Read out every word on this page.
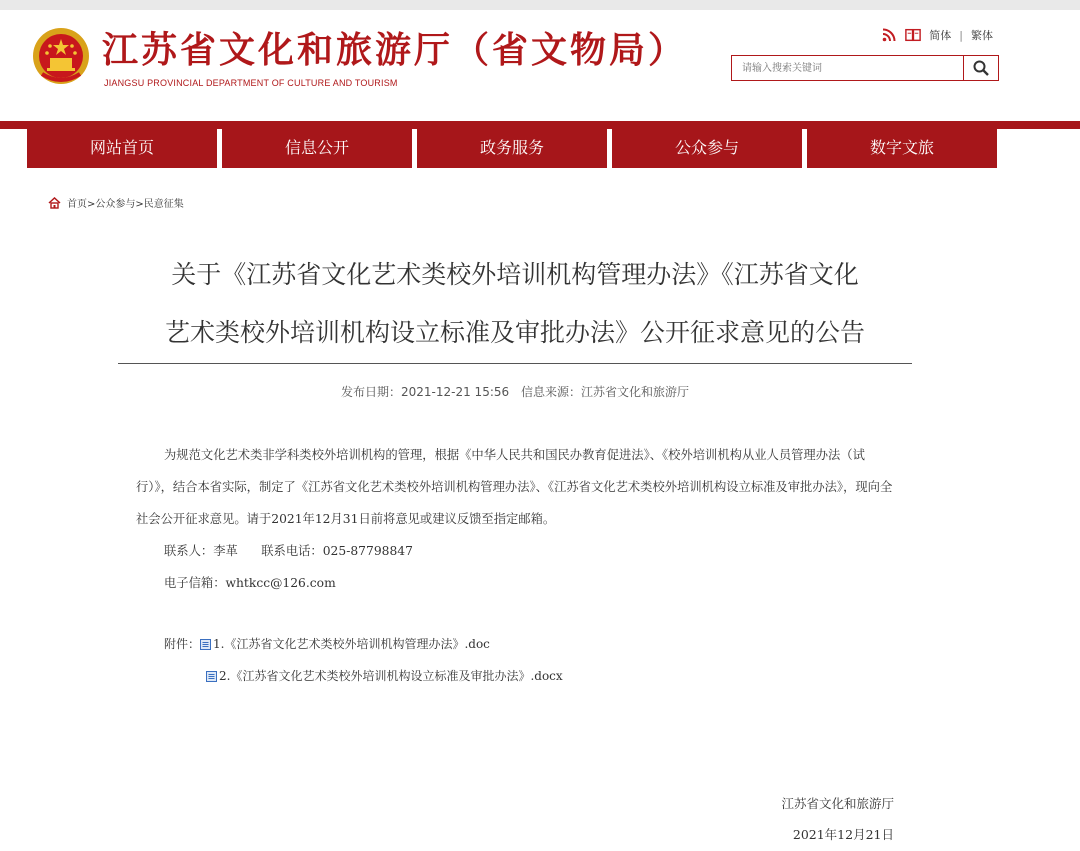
江苏省文化和旅游厅（省文物局）
JIANGSU PROVINCIAL DEPARTMENT OF CULTURE AND TOURISM
简体 | 繁体
请输入搜索关键词
网站首页	信息公开	政务服务	公众参与	数字文旅
首页>公众参与>民意征集
关于《江苏省文化艺术类校外培训机构管理办法》《江苏省文化
艺术类校外培训机构设立标准及审批办法》公开征求意见的公告
发布日期：2021-12-21 15:56 信息来源：江苏省文化和旅游厅

为规范文化艺术类非学科类校外培训机构的管理，根据《中华人民共和国民办教育促进法》、《校外培训机构从业人员管理办法（试行）》，结合本省实际，制定了《江苏省文化艺术类校外培训机构管理办法》、《江苏省文化艺术类校外培训机构设立标准及审批办法》，现向全社会公开征求意见。请于2021年12月31日前将意见或建议反馈至指定邮箱。

联系人：李革      联系电话：025-87798847

电子信箱：whtkcc@126.com

附件： 1.《江苏省文化艺术类校外培训机构管理办法》.doc
2.《江苏省文化艺术类校外培训机构设立标准及审批办法》.docx
江苏省文化和旅游厅
2021年12月21日
